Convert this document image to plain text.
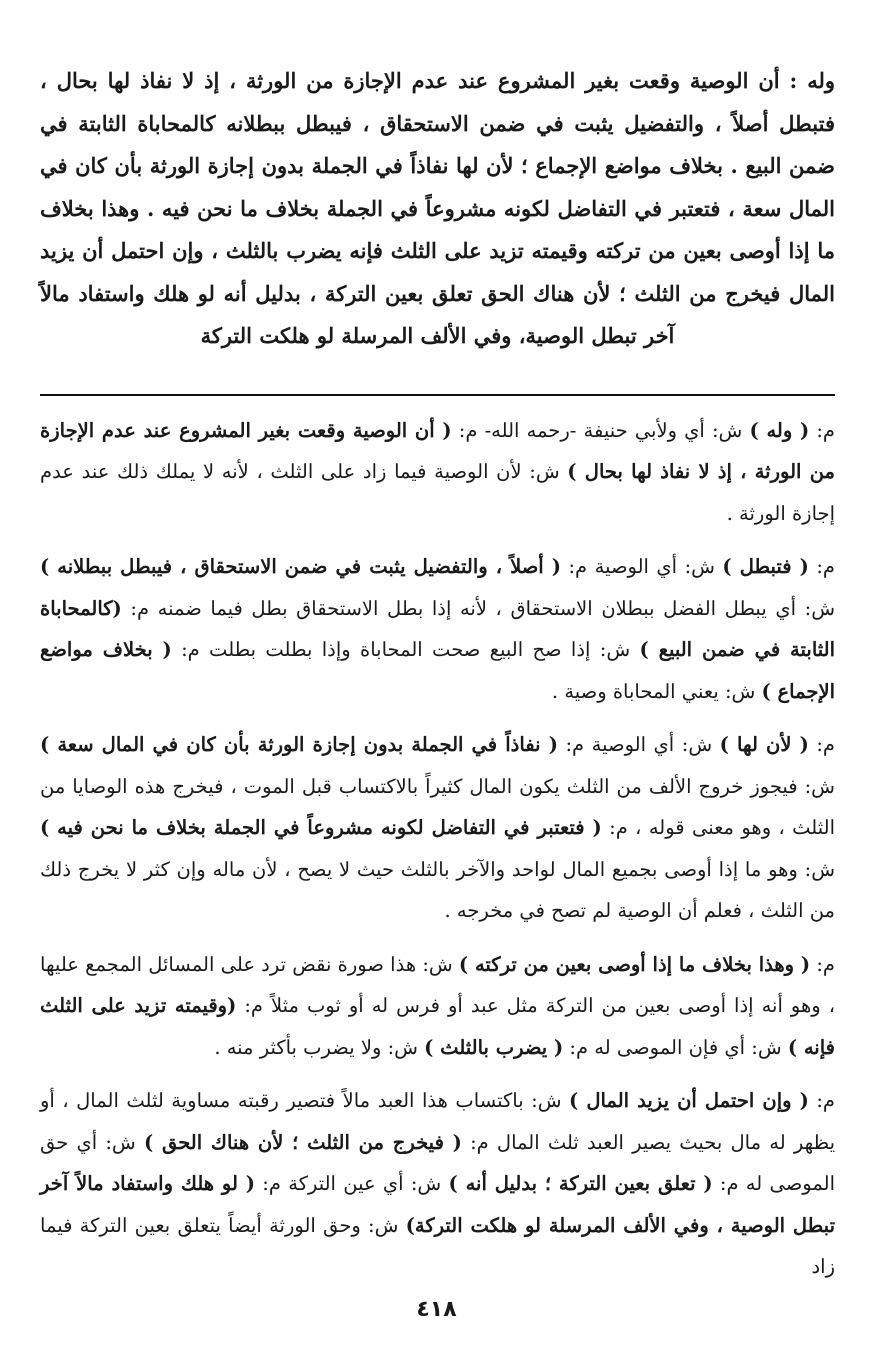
وله : أن الوصية وقعت بغير المشروع عند عدم الإجازة من الورثة ، إذ لا نفاذ لها بحال ، فتبطل أصلاً ، والتفضيل يثبت في ضمن الاستحقاق ، فيبطل ببطلانه كالمحاباة الثابتة في ضمن البيع . بخلاف مواضع الإجماع ؛ لأن لها نفاذاً في الجملة بدون إجازة الورثة بأن كان في المال سعة ، فتعتبر في التفاضل لكونه مشروعاً في الجملة بخلاف ما نحن فيه . وهذا بخلاف ما إذا أوصى بعين من تركته وقيمته تزيد على الثلث فإنه يضرب بالثلث ، وإن احتمل أن يزيد المال فيخرج من الثلث ؛ لأن هناك الحق تعلق بعين التركة ، بدليل أنه لو هلك واستفاد مالاً آخر تبطل الوصية، وفي الألف المرسلة لو هلكت التركة

م: ( وله ) ش: أي ولأبي حنيفة -رحمه الله- م: ( أن الوصية وقعت بغير المشروع عند عدم الإجازة من الورثة ، إذ لا نفاذ لها بحال ) ش: لأن الوصية فيما زاد على الثلث ، لأنه لا يملك ذلك عند عدم إجازة الورثة .

م: ( فتبطل ) ش: أي الوصية م: ( أصلاً ، والتفضيل يثبت في ضمن الاستحقاق ، فيبطل ببطلانه ) ش: أي يبطل الفضل ببطلان الاستحقاق ، لأنه إذا بطل الاستحقاق بطل فيما ضمنه م: (كالمحاباة الثابتة في ضمن البيع ) ش: إذا صح البيع صحت المحاباة وإذا بطلت بطلت م: ( بخلاف مواضع الإجماع ) ش: يعني المحاباة وصية .

م: ( لأن لها ) ش: أي الوصية م: ( نفاذاً في الجملة بدون إجازة الورثة بأن كان في المال سعة ) ش: فيجوز خروج الألف من الثلث يكون المال كثيراً بالاكتساب قبل الموت ، فيخرج هذه الوصايا من الثلث ، وهو معنى قوله ، م: ( فتعتبر في التفاضل لكونه مشروعاً في الجملة بخلاف ما نحن فيه ) ش: وهو ما إذا أوصى بجميع المال لواحد والآخر بالثلث حيث لا يصح ، لأن ماله وإن كثر لا يخرج ذلك من الثلث ، فعلم أن الوصية لم تصح في مخرجه .

م: ( وهذا بخلاف ما إذا أوصى بعين من تركته ) ش: هذا صورة نقض ترد على المسائل المجمع عليها ، وهو أنه إذا أوصى بعين من التركة مثل عبد أو فرس له أو ثوب مثلاً م: (وقيمته تزيد على الثلث فإنه ) ش: أي فإن الموصى له م: ( يضرب بالثلث ) ش: ولا يضرب بأكثر منه .

م: ( وإن احتمل أن يزيد المال ) ش: باكتساب هذا العبد مالاً فتصير رقبته مساوية لثلث المال ، أو يظهر له مال بحيث يصير العبد ثلث المال م: ( فيخرج من الثلث ؛ لأن هناك الحق ) ش: أي حق الموصى له م: ( تعلق بعين التركة ؛ بدليل أنه ) ش: أي عين التركة م: ( لو هلك واستفاد مالاً آخر تبطل الوصية ، وفي الألف المرسلة لو هلكت التركة) ش: وحق الورثة أيضاً يتعلق بعين التركة فيما زاد

٤١٨
